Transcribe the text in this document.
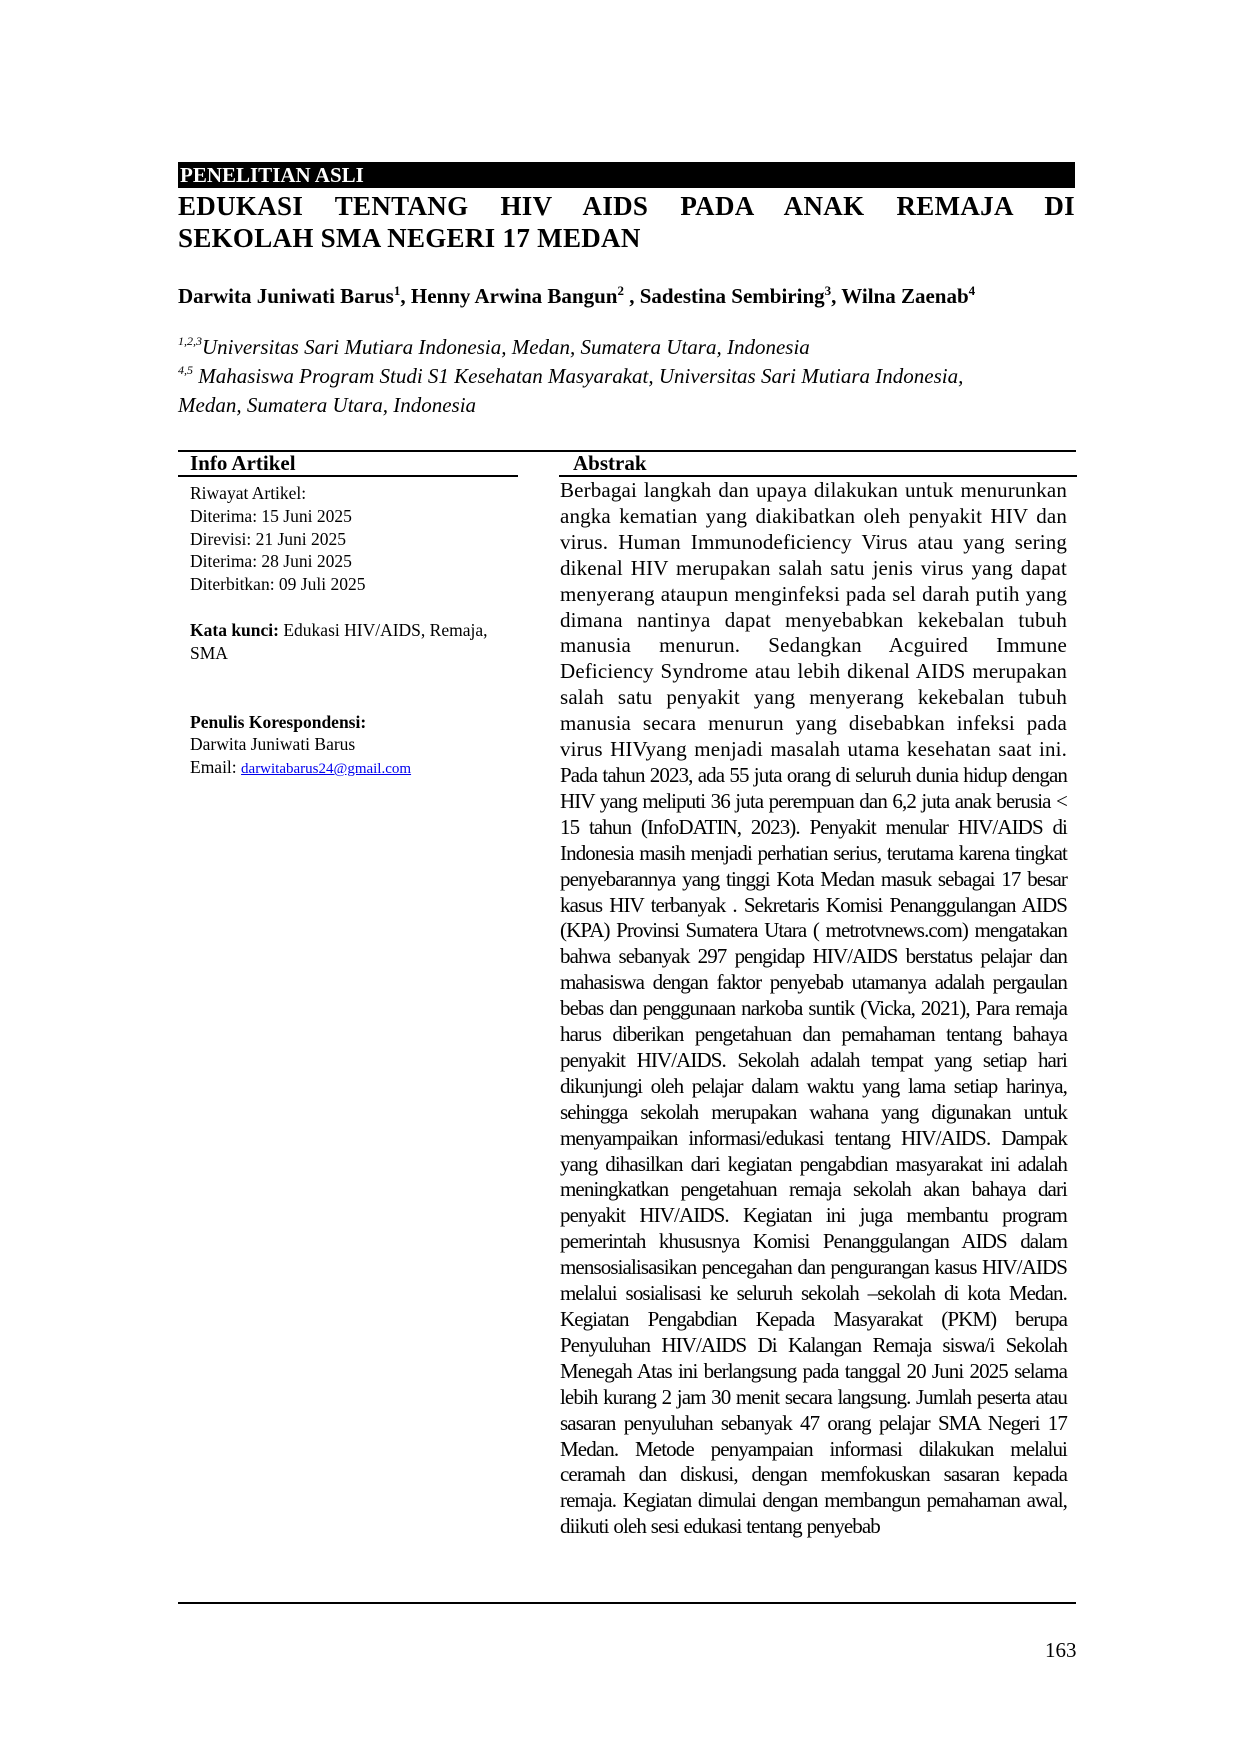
PENELITIAN ASLI
EDUKASI TENTANG HIV AIDS PADA ANAK REMAJA DI
SEKOLAH SMA NEGERI 17 MEDAN
Darwita Juniwati Barus$^1$, Henny Arwina Bangun$^2$ , Sadestina Sembiring$^3$, Wilna Zaenab$^4$

$^{1,2,3}$Universitas Sari Mutiara Indonesia, Medan, Sumatera Utara, Indonesia

$^{4,5}$ Mahasiswa Program Studi S1 Kesehatan Masyarakat, Universitas Sari Mutiara Indonesia,

Medan, Sumatera Utara, Indonesia

Info Artikel	Abstrak

Riwayat Artikel:

Diterima: 15 Juni 2025

Direvisi: 21 Juni 2025

Diterima: 28 Juni 2025

Diterbitkan: 09 Juli 2025

Kata kunci: Edukasi HIV/AIDS, Remaja, SMA

Penulis Korespondensi:

Darwita Juniwati Barus

Email: darwitabarus24@gmail.com

Berbagai langkah dan upaya dilakukan untuk menurunkan angka kematian yang diakibatkan oleh penyakit HIV dan virus. Human Immunodeficiency Virus atau yang sering dikenal HIV merupakan salah satu jenis virus yang dapat menyerang ataupun menginfeksi pada sel darah putih yang dimana nantinya dapat menyebabkan kekebalan tubuh manusia menurun. Sedangkan Acguired Immune Deficiency Syndrome atau lebih dikenal AIDS merupakan salah satu penyakit yang menyerang kekebalan tubuh manusia secara menurun yang disebabkan infeksi pada virus HIVyang menjadi masalah utama kesehatan saat ini. Pada tahun 2023, ada 55 juta orang di seluruh dunia hidup dengan HIV yang meliputi 36 juta perempuan dan 6,2 juta anak berusia < 15 tahun (InfoDATIN, 2023). Penyakit menular HIV/AIDS di Indonesia masih menjadi perhatian serius, terutama karena tingkat penyebarannya yang tinggi Kota Medan masuk sebagai 17 besar kasus HIV terbanyak . Sekretaris Komisi Penanggulangan AIDS (KPA) Provinsi Sumatera Utara ( metrotvnews.com) mengatakan bahwa sebanyak 297 pengidap HIV/AIDS berstatus pelajar dan mahasiswa dengan faktor penyebab utamanya adalah pergaulan bebas dan penggunaan narkoba suntik (Vicka, 2021), Para remaja harus diberikan pengetahuan dan pemahaman tentang bahaya penyakit HIV/AIDS. Sekolah adalah tempat yang setiap hari dikunjungi oleh pelajar dalam waktu yang lama setiap harinya, sehingga sekolah merupakan wahana yang digunakan untuk menyampaikan informasi/edukasi tentang HIV/AIDS. Dampak yang dihasilkan dari kegiatan pengabdian masyarakat ini adalah meningkatkan pengetahuan remaja sekolah akan bahaya dari penyakit HIV/AIDS. Kegiatan ini juga membantu program pemerintah khususnya Komisi Penanggulangan AIDS dalam mensosialisasikan pencegahan dan pengurangan kasus HIV/AIDS melalui sosialisasi ke seluruh sekolah –sekolah di kota Medan. Kegiatan Pengabdian Kepada Masyarakat (PKM) berupa Penyuluhan HIV/AIDS Di Kalangan Remaja siswa/i Sekolah Menegah Atas ini berlangsung pada tanggal 20 Juni 2025 selama lebih kurang 2 jam 30 menit secara langsung. Jumlah peserta atau sasaran penyuluhan sebanyak 47 orang pelajar SMA Negeri 17 Medan. Metode penyampaian informasi dilakukan melalui ceramah dan diskusi, dengan memfokuskan sasaran kepada remaja. Kegiatan dimulai dengan membangun pemahaman awal, diikuti oleh sesi edukasi tentang penyebab

163
